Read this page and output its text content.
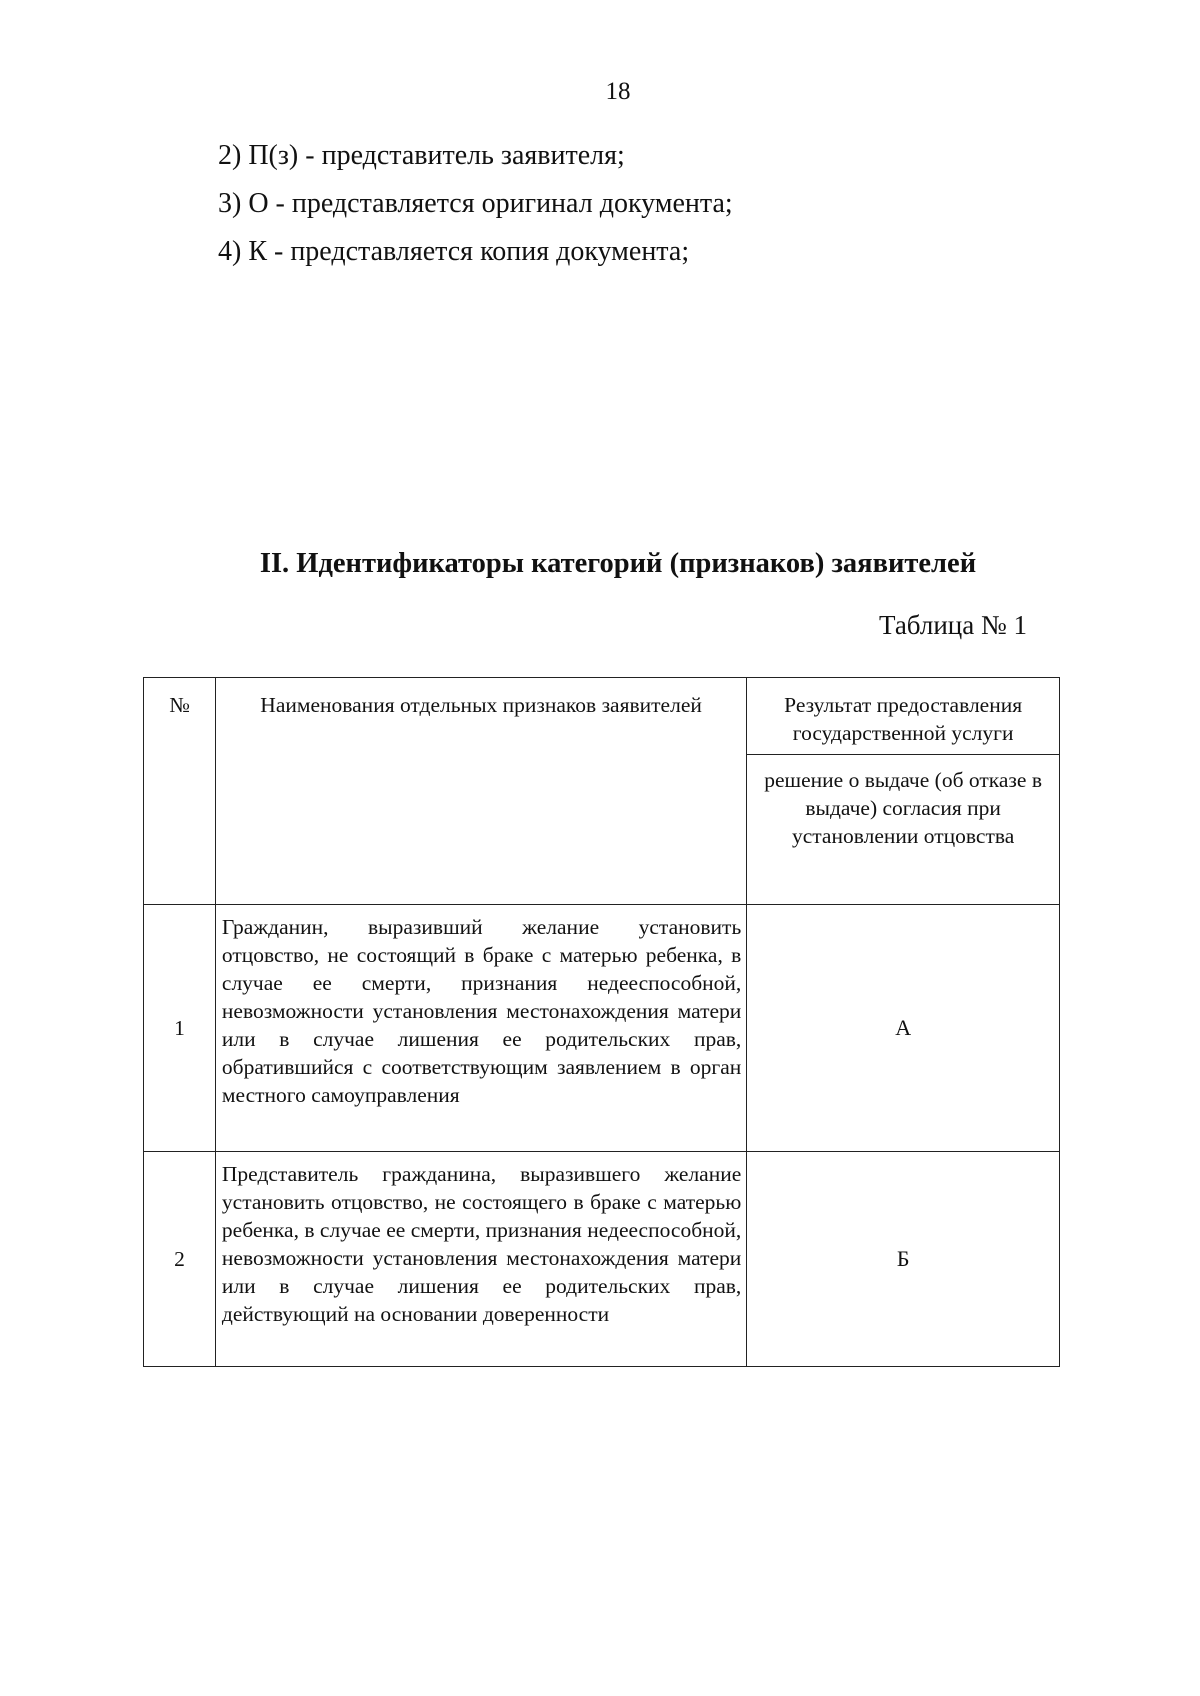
18
2) П(з) - представитель заявителя;
3) О - представляется оригинал документа;
4) К - представляется копия документа;
II. Идентификаторы категорий (признаков) заявителей
Таблица № 1
№	Наименования отдельных признаков заявителей	Результат предоставления государственной услуги
решение о выдаче (об отказе в выдаче) согласия при установлении отцовства

1	Гражданин, выразивший желание установить отцовство, не состоящий в браке с матерью ребенка, в случае ее смерти, признания недееспособной, невозможности установления местонахождения матери или в случае лишения ее родительских прав, обратившийся с соответствующим заявлением в орган местного самоуправления	А
2	Представитель гражданина, выразившего желание установить отцовство, не состоящего в браке с матерью ребенка, в случае ее смерти, признания недееспособной, невозможности установления местонахождения матери или в случае лишения ее родительских прав, действующий на основании доверенности	Б
